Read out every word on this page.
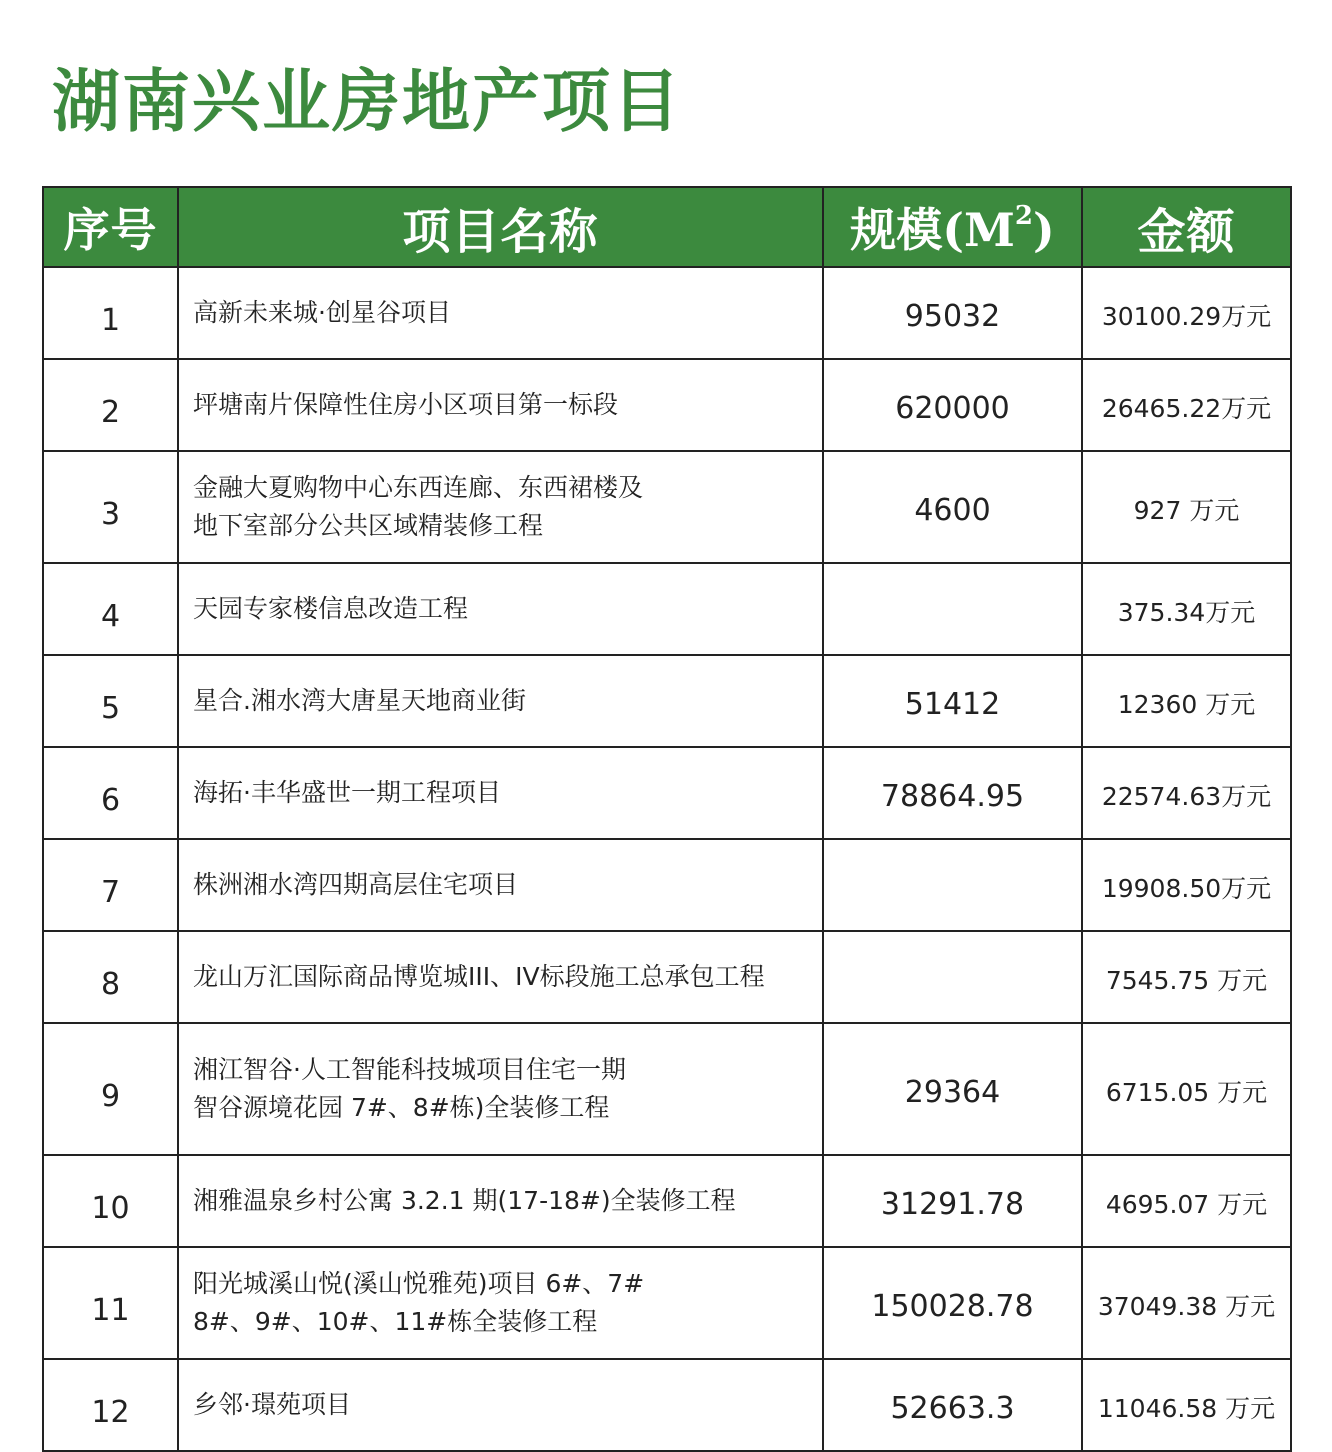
湖南兴业房地产项目
序号	项目名称	规模$(M^2)$	金额
1	高新未来城·创星谷项目	95032	30100.29万元
2	坪塘南片保障性住房小区项目第一标段	620000	26465.22万元
3	金融大夏购物中心东西连廊、东西裙楼及
地下室部分公共区域精装修工程	4600	927 万元
4	天园专家楼信息改造工程		375.34万元
5	星合.湘水湾大唐星天地商业街	51412	12360 万元
6	海拓·丰华盛世一期工程项目	78864.95	22574.63万元
7	株洲湘水湾四期高层住宅项目		19908.50万元
8	龙山万汇国际商品博览城III、IV标段施工总承包工程		7545.75 万元
9	湘江智谷·人工智能科技城项目住宅一期
智谷源境花园 7#、8#栋)全装修工程	29364	6715.05 万元
10	湘雅温泉乡村公寓 3.2.1 期(17-18#)全装修工程	31291.78	4695.07 万元
11	阳光城溪山悦(溪山悦雅苑)项目 6#、7#
8#、9#、10#、11#栋全装修工程	150028.78	37049.38 万元
12	乡邻·璟苑项目	52663.3	11046.58 万元
